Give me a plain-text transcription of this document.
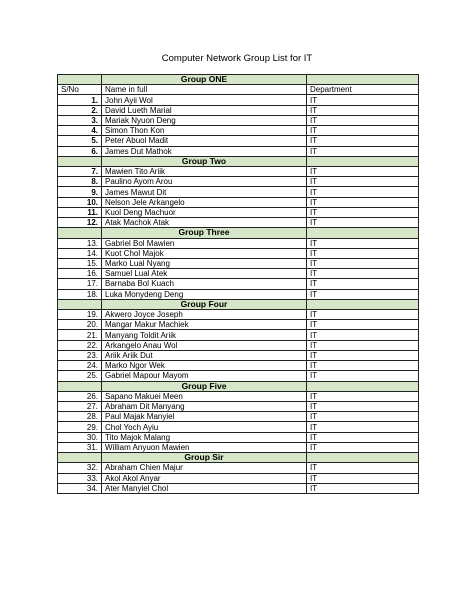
Computer Network Group List for IT
	Group ONE	
S/No	Name in full	Department
1.	John Ayii Wol	IT
2.	David Lueth Marial	IT
3.	Mariak Nyuon Deng	IT
4.	Simon Thon Kon	IT
5.	Peter Abuol Madit	IT
6.	James Dut Mathok	IT
	Group Two	
7.	Mawien Tito Ariik	IT
8.	Paulino Ayom Arou	IT
9.	James Mawut Dit	IT
10.	Nelson Jele Arkangelo	IT
11.	Kuol Deng Machuor	IT
12.	Atak Machok Atak	IT
	Group Three	
13.	Gabriel Bol Mawien	IT
14.	Kuot Chol Majok	IT
15.	Marko Lual Nyang	IT
16.	Samuel Lual Atek	IT
17.	Barnaba Bol Kuach	IT
18.	Luka Monydeng Deng	IT
	Group Four	
19.	Akwero Joyce Joseph	IT
20.	Mangar Makur Machiek	IT
21.	Manyang Toldit Ariik	IT
22.	Arkangelo Anau Wol	IT
23.	Ariik Ariik Dut	IT
24.	Marko Ngor Wek	IT
25.	Gabriel Mapour Mayom	IT
	Group Five	
26.	Sapano Makuei Meen	IT
27.	Abraham Dit Manyang	IT
28.	Paul Majak Manyiel	IT
29.	Chol Yoch Ayiu	IT
30.	Tito Majok Malang	IT
31.	William Anyuon Mawien	IT
	Group Sir	
32.	Abraham Chien Majur	IT
33.	Akol Akol Anyar	IT
34.	Ater Manyiel Chol	IT
